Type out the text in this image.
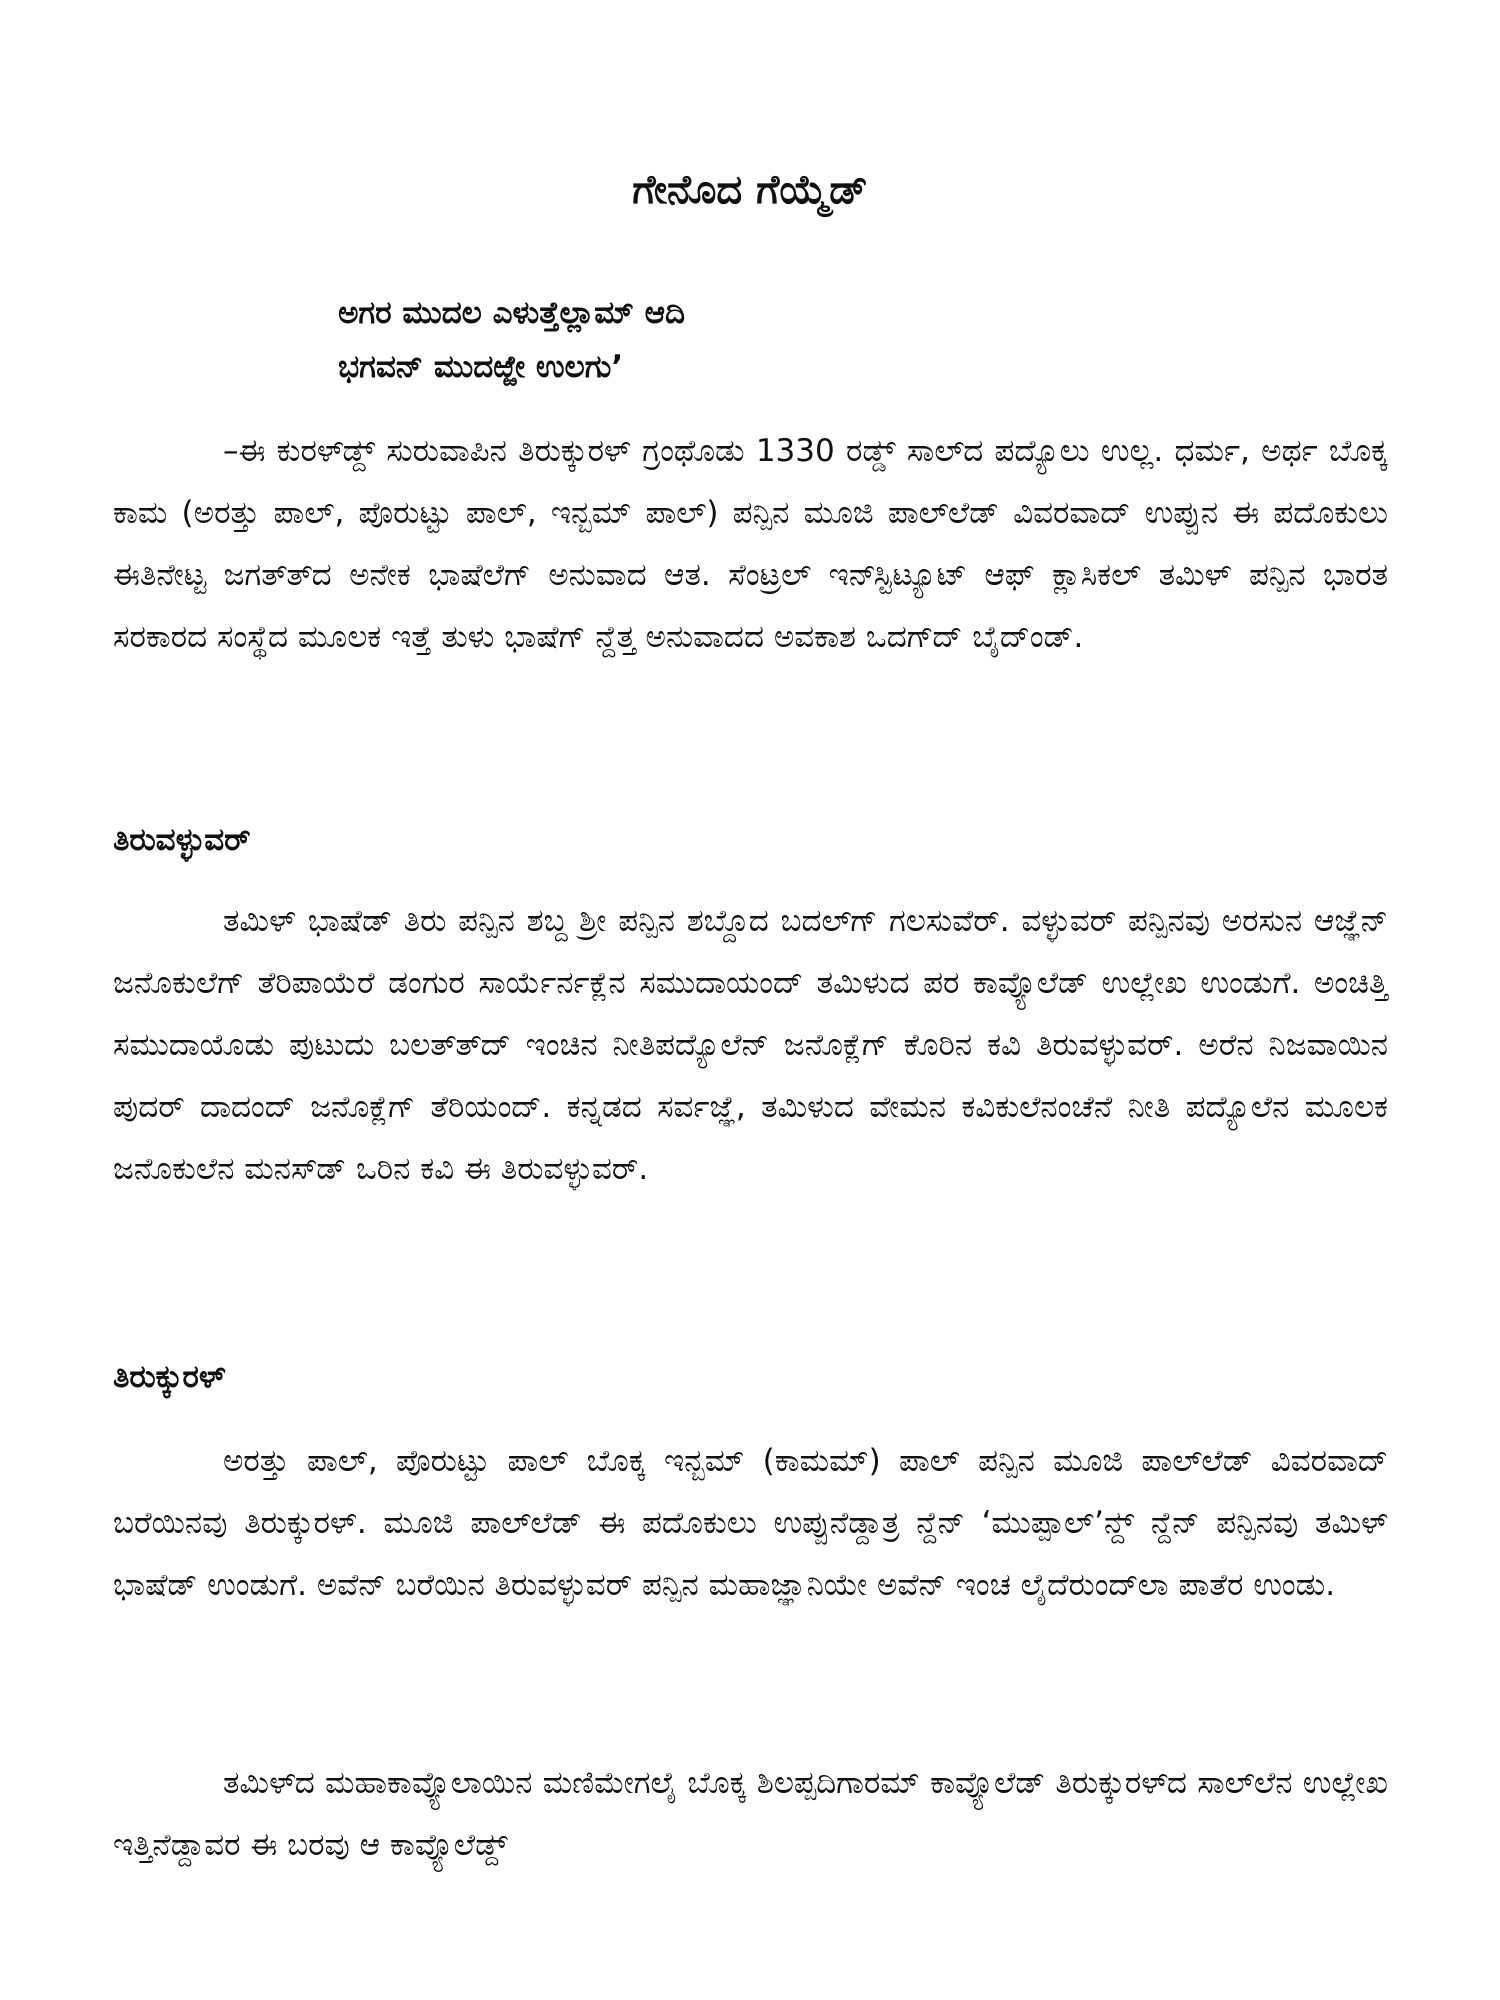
ಗೇನೊದ ಗೆಯ್ಮೆಡ್
ಅಗರ ಮುದಲ ಎಳುತ್ತೆಲ್ಲಾಮ್ ಆದಿ
ಭಗವನ್ ಮುದಱ್ಱೇ ಉಲಗು’
–ಈ ಕುರಳ್‍ಡ್ದ್ ಸುರುವಾಪಿನ ತಿರುಕ್ಕುರಳ್ ಗ್ರಂಥೊಡು 1330 ರಡ್ಡ್ ಸಾಲ್‍ದ ಪದ್ಯೊಲು ಉಲ್ಲ. ಧರ್ಮ, ಅರ್ಥ ಬೊಕ್ಕ ಕಾಮ (ಅರತ್ತು ಪಾಲ್, ಪೊರುಟ್ಟು ಪಾಲ್, ಇನ್ಬಮ್ ಪಾಲ್) ಪನ್ಪಿನ ಮೂಜಿ ಪಾಲ್‍ಲೆಡ್ ವಿವರವಾದ್ ಉಪ್ಪುನ ಈ ಪದೊಕುಲು ಈತಿನೇಟ್ಟ ಜಗತ್ತ್‍ದ ಅನೇಕ ಭಾಷೆಲೆಗ್ ಅನುವಾದ ಆತ. ಸೆಂಟ್ರಲ್ ಇನ್‍ಸ್ಟಿಟ್ಯೂಟ್ ಆಫ್ ಕ್ಲಾಸಿಕಲ್ ತಮಿಳ್ ಪನ್ಪಿನ ಭಾರತ ಸರಕಾರದ ಸಂಸ್ಥೆದ ಮೂಲಕ ಇತ್ತೆ ತುಳು ಭಾಷೆಗ್ ನ್ದೆತ್ತ ಅನುವಾದದ ಅವಕಾಶ ಒದಗ್‍ದ್ ಬೈದ್‍ಂಡ್.
ತಿರುವಳ್ಳುವರ್
ತಮಿಳ್ ಭಾಷೆಡ್ ತಿರು ಪನ್ಪಿನ ಶಬ್ದ ಶ್ರೀ ಪನ್ಪಿನ ಶಬ್ದೊದ ಬದಲ್‍ಗ್ ಗಲಸುವೆರ್. ವಳ್ಳುವರ್ ಪನ್ಪಿನವು ಅರಸುನ ಆಜ್ಞೆನ್ ಜನೊಕುಲೆಗ್ ತೆರಿಪಾಯೆರೆ ಡಂಗುರ ಸಾರ್ಯೆರ್ನಕ್ಲೆನ ಸಮುದಾಯಂದ್ ತಮಿಳುದ ಪರ ಕಾವ್ಯೊಲೆಡ್ ಉಲ್ಲೇಖ ಉಂಡುಗೆ. ಅಂಚಿತ್ತಿ ಸಮುದಾಯೊಡು ಪುಟುದು ಬಲತ್ತ್‍ದ್ ಇಂಚಿನ ನೀತಿಪದ್ಯೊಲೆನ್ ಜನೊಕ್ಲೆಗ್ ಕೊರಿನ ಕವಿ ತಿರುವಳ್ಳುವರ್. ಅರೆನ ನಿಜವಾಯಿನ ಪುದರ್ ದಾದಂದ್ ಜನೊಕ್ಲೆಗ್ ತೆರಿಯಂದ್. ಕನ್ನಡದ ಸರ್ವಜ್ಞೆ, ತಮಿಳುದ ವೇಮನ ಕವಿಕುಲೆನಂಚೆನೆ ನೀತಿ ಪದ್ಯೊಲೆನ ಮೂಲಕ ಜನೊಕುಲೆನ ಮನಸ್‍ಡ್ ಒರಿನ ಕವಿ ಈ ತಿರುವಳ್ಳುವರ್.
ತಿರುಕ್ಕುರಳ್
ಅರತ್ತು ಪಾಲ್, ಪೊರುಟ್ಟು ಪಾಲ್ ಬೊಕ್ಕ ಇನ್ಬಮ್ (ಕಾಮಮ್) ಪಾಲ್ ಪನ್ಪಿನ ಮೂಜಿ ಪಾಲ್‍ಲೆಡ್ ವಿವರವಾದ್ ಬರೆಯಿನವು ತಿರುಕ್ಕುರಳ್. ಮೂಜಿ ಪಾಲ್‍ಲೆಡ್ ಈ ಪದೊಕುಲು ಉಪ್ಪುನೆಡ್ದಾತ್ರ ನ್ದೆನ್ ‘ಮುಪ್ಪಾಲ್’ನ್ದ್ ನ್ದೆನ್ ಪನ್ಪಿನವು ತಮಿಳ್ ಭಾಷೆಡ್ ಉಂಡುಗೆ. ಅವೆನ್ ಬರೆಯಿನ ತಿರುವಳ್ಳುವರ್ ಪನ್ಪಿನ ಮಹಾಜ್ಞಾನಿಯೇ ಅವೆನ್ ಇಂಚ ಲೈದೆರುಂದ್‍ಲಾ ಪಾತೆರ ಉಂಡು.
ತಮಿಳ್‍ದ ಮಹಾಕಾವ್ಯೊಲಾಯಿನ ಮಣಿಮೇಗಲೈ ಬೊಕ್ಕ ಶಿಲಪ್ಪದಿಗಾರಮ್ ಕಾವ್ಯೊಲೆಡ್ ತಿರುಕ್ಕುರಳ್‍ದ ಸಾಲ್‍ಲೆನ ಉಲ್ಲೇಖ ಇತ್ತಿನೆಡ್ದಾವರ ಈ ಬರವು ಆ ಕಾವ್ಯೊಲೆಡ್ದ್
